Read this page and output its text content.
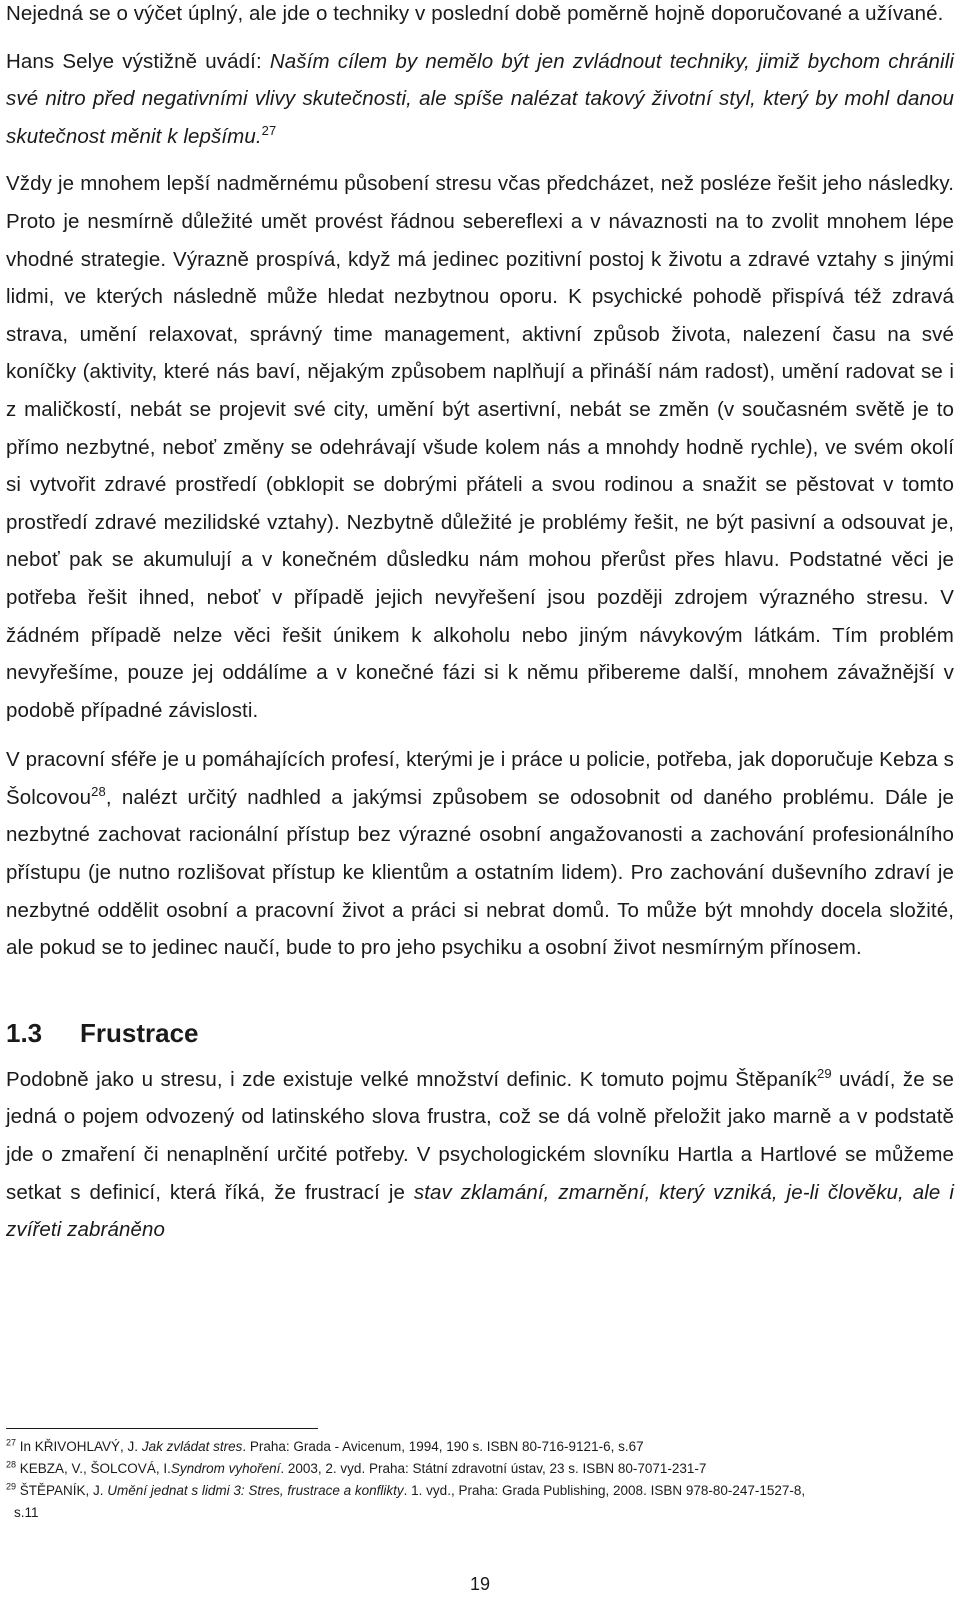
Nejedná se o výčet úplný, ale jde o techniky v poslední době poměrně hojně doporučované a užívané.

Hans Selye výstižně uvádí: Naším cílem by nemělo být jen zvládnout techniky, jimiž bychom chránili své nitro před negativními vlivy skutečnosti, ale spíše nalézat takový životní styl, který by mohl danou skutečnost měnit k lepšímu.$^{27}$

Vždy je mnohem lepší nadměrnému působení stresu včas předcházet, než posléze řešit jeho následky. Proto je nesmírně důležité umět provést řádnou sebereflexi a v návaznosti na to zvolit mnohem lépe vhodné strategie. Výrazně prospívá, když má jedinec pozitivní postoj k životu a zdravé vztahy s jinými lidmi, ve kterých následně může hledat nezbytnou oporu. K psychické pohodě přispívá též zdravá strava, umění relaxovat, správný time management, aktivní způsob života, nalezení času na své koníčky (aktivity, které nás baví, nějakým způsobem naplňují a přináší nám radost), umění radovat se i z maličkostí, nebát se projevit své city, umění být asertivní, nebát se změn (v současném světě je to přímo nezbytné, neboť změny se odehrávají všude kolem nás a mnohdy hodně rychle), ve svém okolí si vytvořit zdravé prostředí (obklopit se dobrými přáteli a svou rodinou a snažit se pěstovat v tomto prostředí zdravé mezilidské vztahy). Nezbytně důležité je problémy řešit, ne být pasivní a odsouvat je, neboť pak se akumulují a v konečném důsledku nám mohou přerůst přes hlavu. Podstatné věci je potřeba řešit ihned, neboť v případě jejich nevyřešení jsou později zdrojem výrazného stresu. V žádném případě nelze věci řešit únikem k alkoholu nebo jiným návykovým látkám. Tím problém nevyřešíme, pouze jej oddálíme a v konečné fázi si k němu přibereme další, mnohem závažnější v podobě případné závislosti.

V pracovní sféře je u pomáhajících profesí, kterými je i práce u policie, potřeba, jak doporučuje Kebza s Šolcovou$^{28}$, nalézt určitý nadhled a jakýmsi způsobem se odosobnit od daného problému. Dále je nezbytné zachovat racionální přístup bez výrazné osobní angažovanosti a zachování profesionálního přístupu (je nutno rozlišovat přístup ke klientům a ostatním lidem). Pro zachování duševního zdraví je nezbytné oddělit osobní a pracovní život a práci si nebrat domů. To může být mnohdy docela složité, ale pokud se to jedinec naučí, bude to pro jeho psychiku a osobní život nesmírným přínosem.

1.3 Frustrace

Podobně jako u stresu, i zde existuje velké množství definic. K tomuto pojmu Štěpaník$^{29}$ uvádí, že se jedná o pojem odvozený od latinského slova frustra, což se dá volně přeložit jako marně a v podstatě jde o zmaření či nenaplnění určité potřeby. V psychologickém slovníku Hartla a Hartlové se můžeme setkat s definicí, která říká, že frustrací je stav zklamání, zmarnění, který vzniká, je-li člověku, ale i zvířeti zabráněno

$^{27}$ In KŘIVOHLAVÝ, J. Jak zvládat stres. Praha: Grada - Avicenum, 1994, 190 s. ISBN 80-716-9121-6, s.67

$^{28}$ KEBZA, V., ŠOLCOVÁ, I.Syndrom vyhoření. 2003, 2. vyd. Praha: Státní zdravotní ústav, 23 s. ISBN 80-7071-231-7

$^{29}$ ŠTĚPANÍK, J. Umění jednat s lidmi 3: Stres, frustrace a konflikty. 1. vyd., Praha: Grada Publishing, 2008. ISBN 978-80-247-1527-8,
s.11

19
